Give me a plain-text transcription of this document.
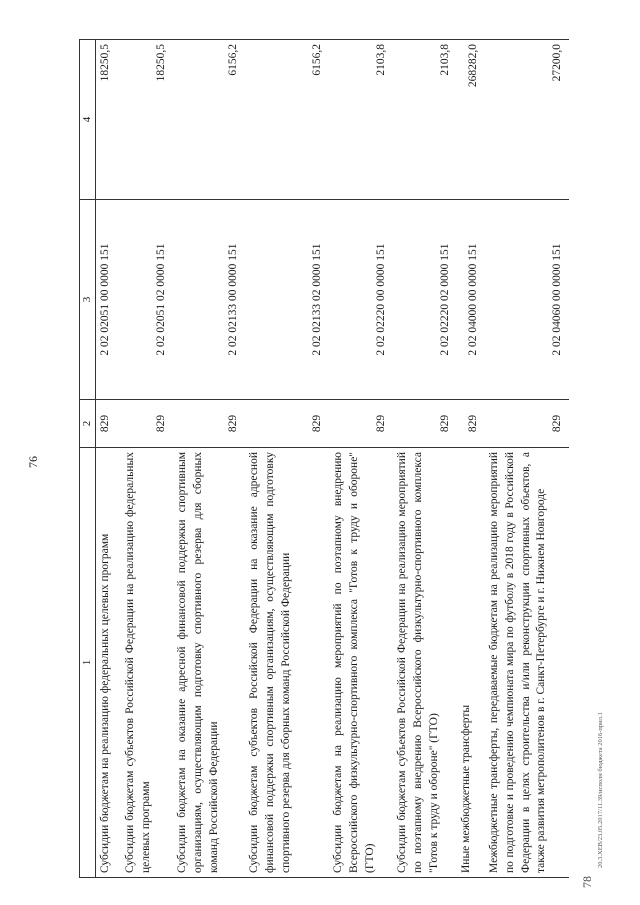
76
1	2	3	4
Субсидии бюджетам на реализацию федеральных целевых программ	829	2 02 02051 00 0000 151	18250,5
Субсидии бюджетам субъектов Российской Федерации на реализацию федеральных целевых программ	829	2 02 02051 02 0000 151	18250,5
Субсидии бюджетам на оказание адресной финансовой поддержки спортивным организациям, осуществляющим подготовку спортивного резерва для сборных команд Российской Федерации	829	2 02 02133 00 0000 151	6156,2
Субсидии бюджетам субъектов Российской Федерации на оказание адресной финансовой поддержки спортивным организациям, осуществляющим подготовку спортивного резерва для сборных команд Российской Федерации	829	2 02 02133 02 0000 151	6156,2
Субсидии бюджетам на реализацию мероприятий по поэтапному внедрению Всероссийского физкультурно-спортивного комплекса "Готов к труду и обороне" (ГТО)	829	2 02 02220 00 0000 151	2103,8
Субсидии бюджетам субъектов Российской Федерации на реализацию мероприятий по поэтапному внедрению Всероссийского физкультурно-спортивного комплекса "Готов к труду и обороне" (ГТО)	829	2 02 02220 02 0000 151	2103,8
Иные межбюджетные трансферты	829	2 02 04000 00 0000 151	268282,0
Межбюджетные трансферты, передаваемые бюджетам на реализацию мероприятий по подготовке и проведению чемпионата мира по футболу в 2018 году в Российской Федерации в целях строительства и/или реконструкции спортивных объектов, а также развития метрополитенов в г. Санкт-Петербурге и г. Нижнем Новгороде	829	2 02 04060 00 0000 151	27200,0
20.3.XEB/23.05.2017/11.39/исполн бюджета 2016-прил.1
78
